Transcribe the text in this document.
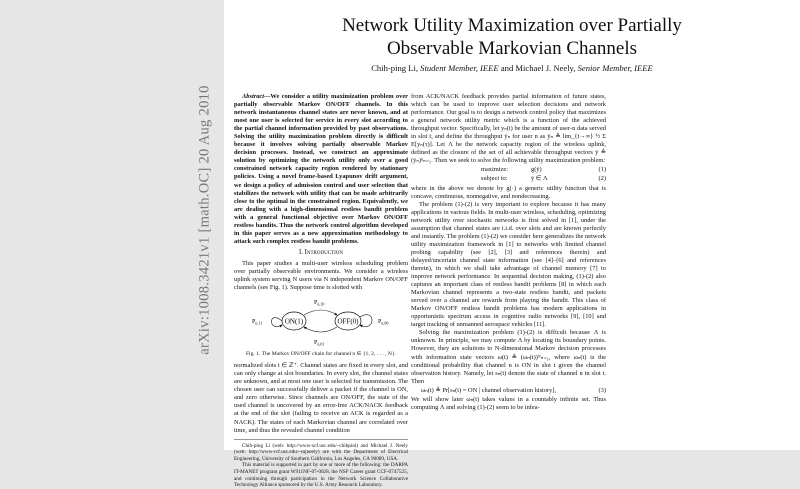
arXiv:1008.3421v1 [math.OC] 20 Aug 2010
Network Utility Maximization over Partially
Observable Markovian Channels
Chih-ping Li, Student Member, IEEE and Michael J. Neely, Senior Member, IEEE

Abstract—We consider a utility maximization problem over partially observable Markov ON/OFF channels. In this network instantaneous channel states are never known, and at most one user is selected for service in every slot according to the partial channel information provided by past observations. Solving the utility maximization problem directly is difficult because it involves solving partially observable Markov decision processes. Instead, we construct an approximate solution by optimizing the network utility only over a good constrained network capacity region rendered by stationary policies. Using a novel frame-based Lyapunov drift argument, we design a policy of admission control and user selection that stabilizes the network with utility that can be made arbitrarily close to the optimal in the constrained region. Equivalently, we are dealing with a high-dimensional restless bandit problem with a general functional objective over Markov ON/OFF restless bandits. Thus the network control algorithm developed in this paper serves as a new approximation methodology to attack such complex restless bandit problems.

I. Introduction

This paper studies a multi-user wireless scheduling problem over partially observable environments. We consider a wireless uplink system serving N users via N independent Markov ON/OFF channels (see Fig. 1). Suppose time is slotted with

ON(1)	OFF(0)
$P_{n,11}$
$P_{n,10}$
$P_{n,01}$
$P_{n,00}$
Fig. 1. The Markov ON/OFF chain for channel n ∈ {1, 2, . . . , N}.

normalized slots t ∈ ℤ⁺. Channel states are fixed in every slot, and can only change at slot boundaries. In every slot, the channel states are unknown, and at most one user is selected for transmission. The chosen user can successfully deliver a packet if the channel is ON, and zero otherwise. Since channels are ON/OFF, the state of the used channel is uncovered by an error-free ACK/NACK feedback at the end of the slot (failing to receive an ACK is regarded as a NACK). The states of each Markovian channel are correlated over time, and thus the revealed channel condition

Chih-ping Li (web: http://www-scf.usc.edu/~chihpinl) and Michael J. Neely (web: http://www-rcf.usc.edu/~mjneely) are with the Department of Electrical Engineering, University of Southern California, Los Angeles, CA 90089, USA.

This material is supported in part by one or more of the following: the DARPA IT-MANET program grant W911NF-07-0028, the NSF Career grant CCF-0747525, and continuing through participation in the Network Science Collaborative Technology Alliance sponsored by the U.S. Army Research Laboratory.

from ACK/NACK feedback provides partial information of future states, which can be used to improve user selection decisions and network performance. Our goal is to design a network control policy that maximizes a general network utility metric which is a function of the achieved throughput vector. Specifically, let yₙ(t) be the amount of user-n data served in slot t, and define the throughput ȳₙ for user n as ȳₙ ≜ lim_{t→∞} ½ Σ E[yₙ(τ)]. Let Λ be the network capacity region of the wireless uplink, defined as the closure of the set of all achievable throughput vectors ȳ ≜ (ȳₙ)ⁿₙ₌₁. Then we seek to solve the following utility maximization problem:

maximize:	g(ȳ)	(1)
subject to:	ȳ ∈ Λ	(2)

where in the above we denote by g(·) a generic utility function that is concave, continuous, nonnegative, and nondecreasing.

The problem (1)-(2) is very important to explore because it has many applications in various fields. In multi-user wireless, scheduling, optimizing network utility over stochastic networks is first solved in [1], under the assumption that channel states are i.i.d. over slots and are known perfectly and instantly. The problem (1)-(2) we consider here generalizes the network utility maximization framework in [1] to networks with limited channel probing capability (see [2], [3] and references therein) and delayed/uncertain channel state information (see [4]–[6] and references therein), in which we shall take advantage of channel memory [7] to improve network performance. In sequential decision making, (1)-(2) also captures an important class of restless bandit problems [8] in which each Markovian channel represents a two-state restless bandit, and packets served over a channel are rewards from playing the bandit. This class of Markov ON/OFF restless bandit problems has modern applications in opportunistic spectrum access in cognitive radio networks [9], [10] and target tracking of unmanned aerospace vehicles [11].

Solving the maximization problem (1)-(2) is difficult because Λ is unknown. In principle, we may compute Λ by locating its boundary points. However, they are solutions to N-dimensional Markov decision processes with information state vectors ω(t) ≜ (ωₙ(t))ᴺₙ₌₁, where ωₙ(t) is the conditional probability that channel n is ON in slot t given the channel observation history. Namely, let sₙ(t) denote the state of channel n in slot t. Then

ωₙ(t) ≜ Pr[sₙ(t) = ON | channel observation history],	(3)

We will show later ωₙ(t) takes values in a countably infinite set. Thus computing Λ and solving (1)-(2) seem to be infea-
